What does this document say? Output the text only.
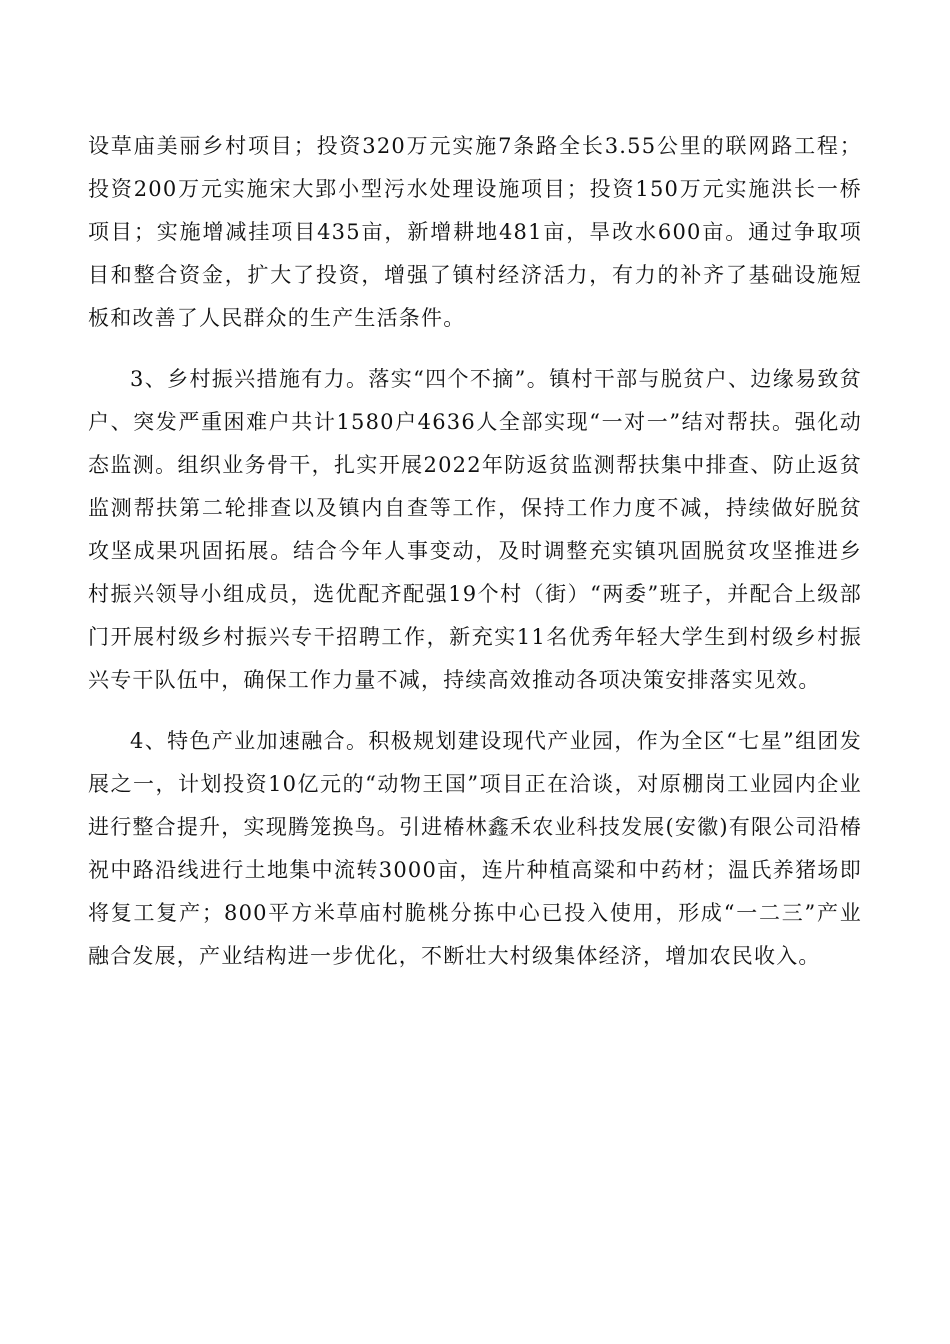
设草庙美丽乡村项目；投资320万元实施7条路全长3.55公里的联网路工程；投资200万元实施宋大郢小型污水处理设施项目；投资150万元实施洪长一桥项目；实施增减挂项目435亩，新增耕地481亩，旱改水600亩。通过争取项目和整合资金，扩大了投资，增强了镇村经济活力，有力的补齐了基础设施短板和改善了人民群众的生产生活条件。

3、乡村振兴措施有力。落实“四个不摘”。镇村干部与脱贫户、边缘易致贫户、突发严重困难户共计1580户4636人全部实现“一对一”结对帮扶。强化动态监测。组织业务骨干，扎实开展2022年防返贫监测帮扶集中排查、防止返贫监测帮扶第二轮排查以及镇内自查等工作，保持工作力度不减，持续做好脱贫攻坚成果巩固拓展。结合今年人事变动，及时调整充实镇巩固脱贫攻坚推进乡村振兴领导小组成员，选优配齐配强19个村（街）“两委”班子，并配合上级部门开展村级乡村振兴专干招聘工作，新充实11名优秀年轻大学生到村级乡村振兴专干队伍中，确保工作力量不减，持续高效推动各项决策安排落实见效。

4、特色产业加速融合。积极规划建设现代产业园，作为全区“七星”组团发展之一，计划投资10亿元的“动物王国”项目正在洽谈，对原棚岗工业园内企业进行整合提升，实现腾笼换鸟。引进椿林鑫禾农业科技发展(安徽)有限公司沿椿祝中路沿线进行土地集中流转3000亩，连片种植高粱和中药材；温氏养猪场即将复工复产；800平方米草庙村脆桃分拣中心已投入使用，形成“一二三”产业融合发展，产业结构进一步优化，不断壮大村级集体经济，增加农民收入。
